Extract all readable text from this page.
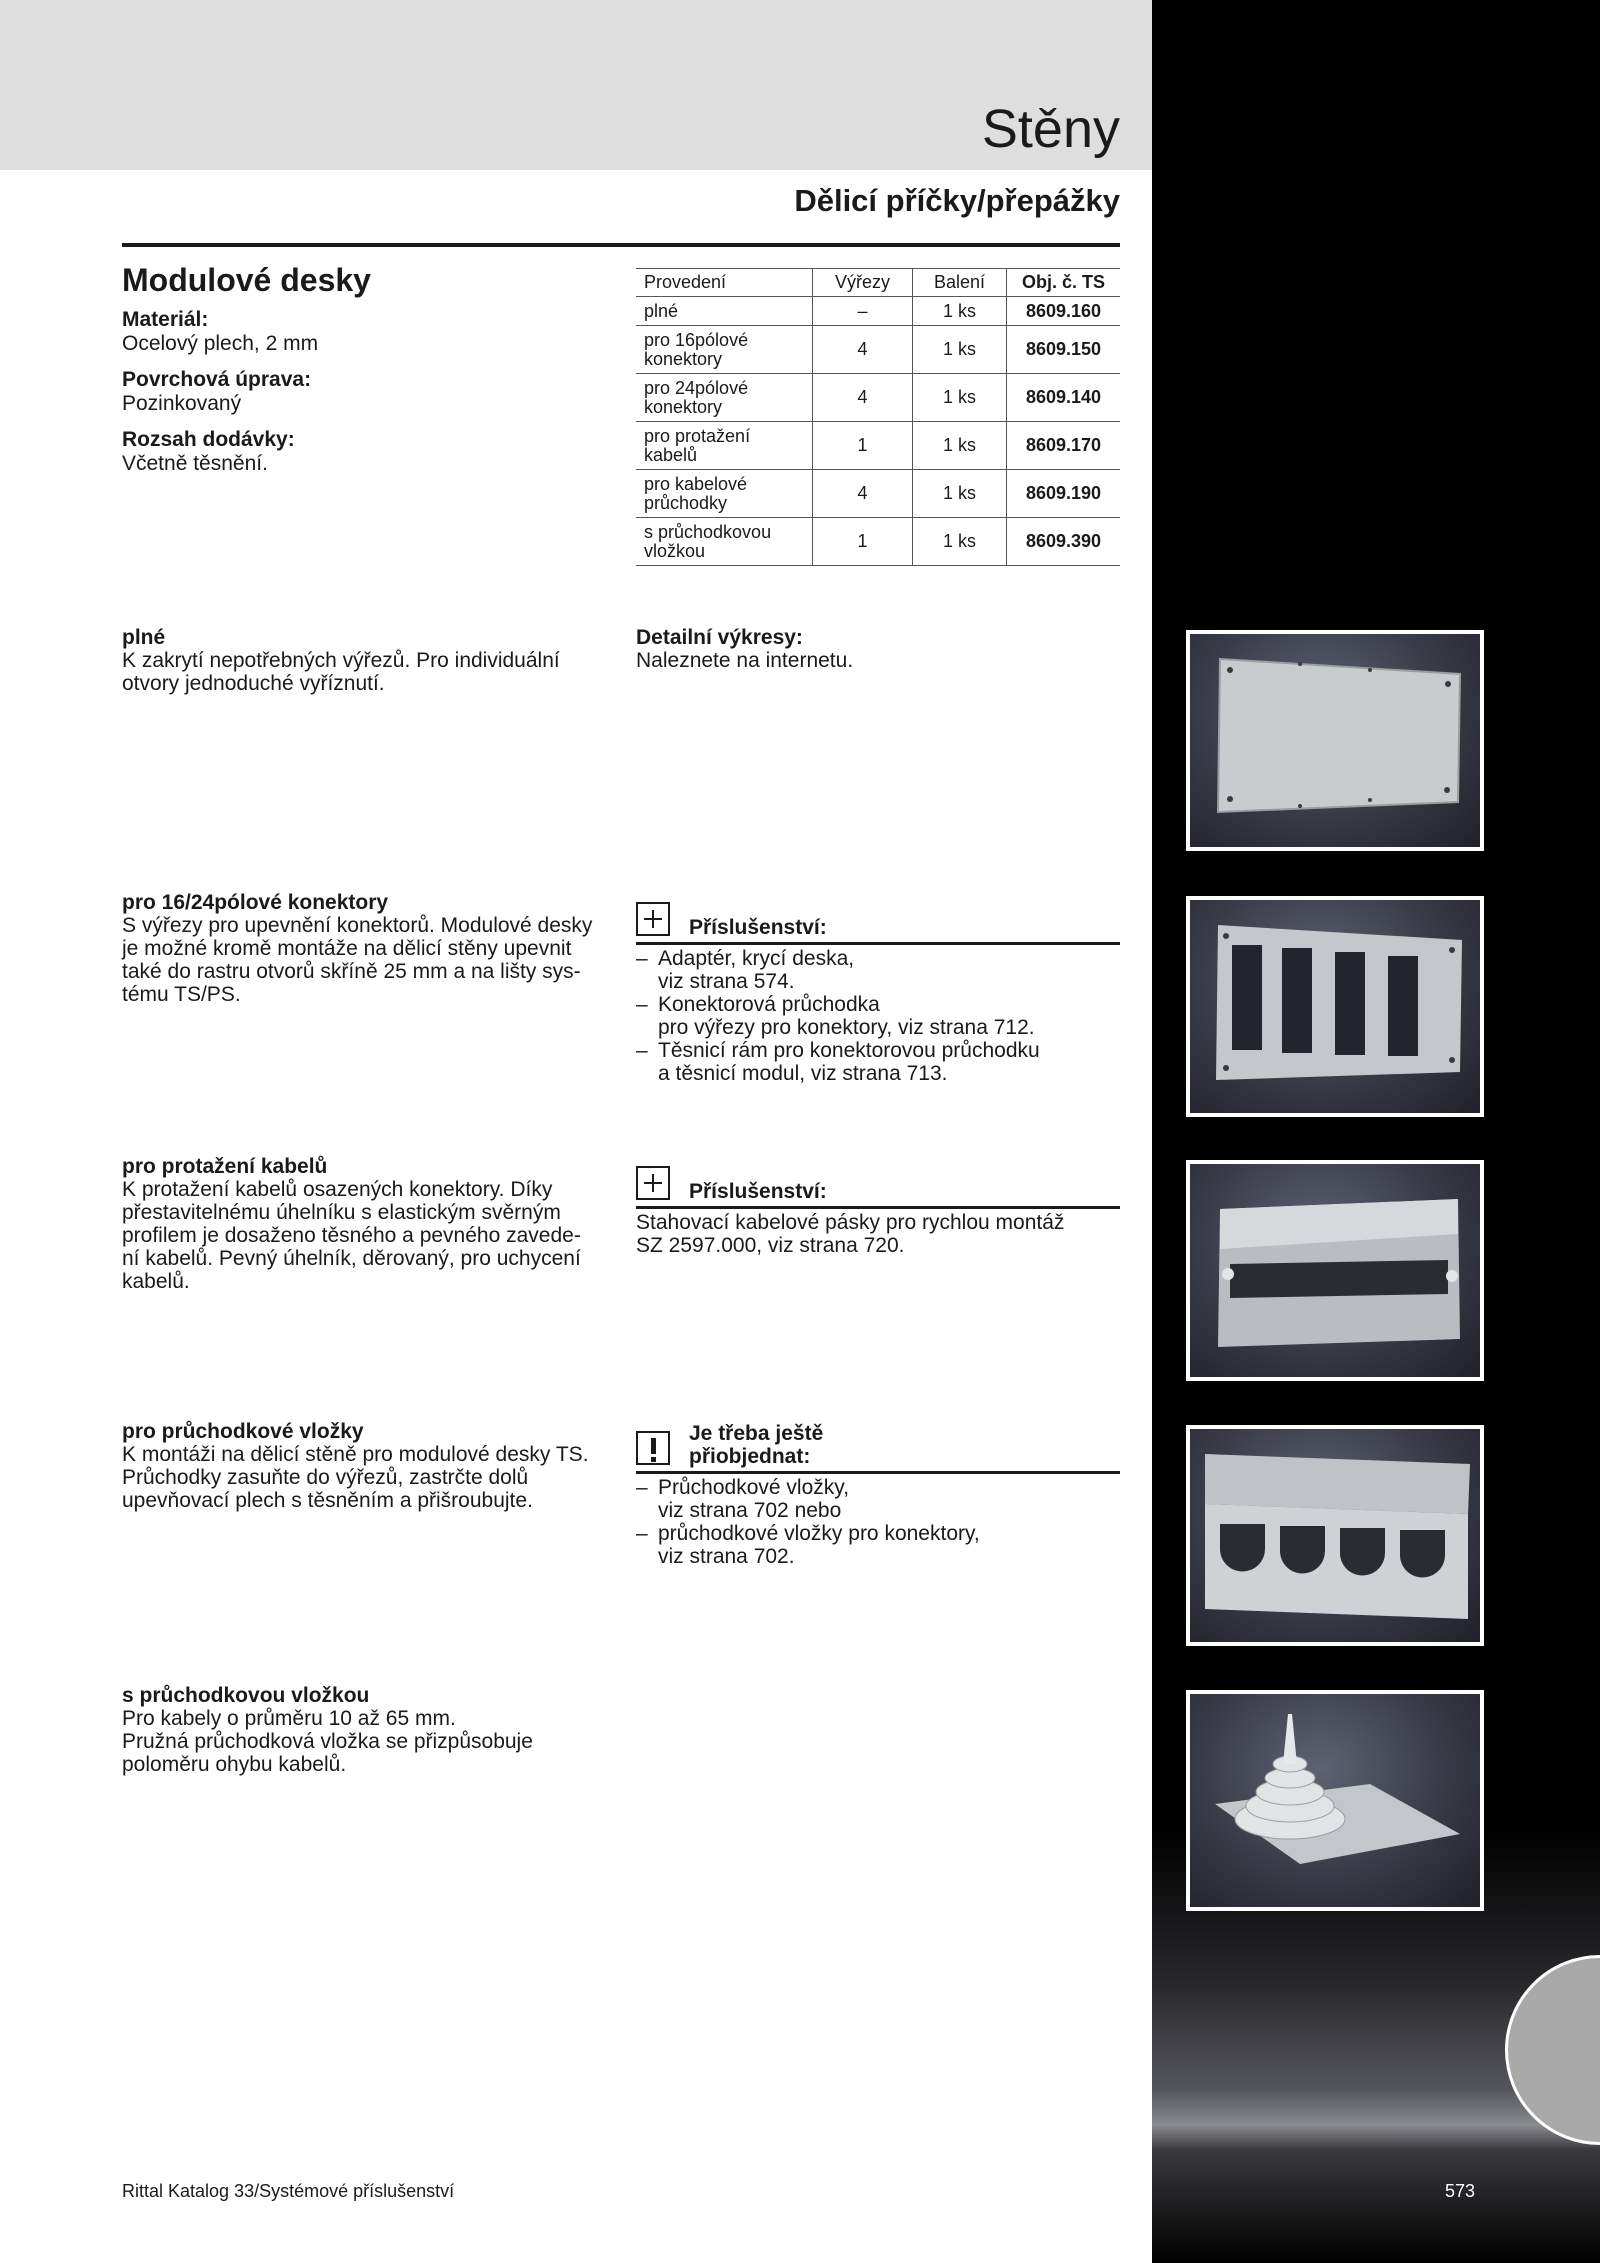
Stěny
Dělicí příčky/přepážky
Modulové desky
Materiál:
Ocelový plech, 2 mm
Povrchová úprava:
Pozinkovaný
Rozsah dodávky:
Včetně těsnění.
Provedení	Výřezy	Balení	Obj. č. TS
plné	–	1 ks	8609.160
pro 16pólové
konektory	4	1 ks	8609.150
pro 24pólové
konektory	4	1 ks	8609.140
pro protažení
kabelů	1	1 ks	8609.170
pro kabelové
průchodky	4	1 ks	8609.190
s průchodkovou
vložkou	1	1 ks	8609.390
plné
K zakrytí nepotřebných výřezů. Pro individuální
otvory jednoduché vyříznutí.
Detailní výkresy:
Naleznete na internetu.
pro 16/24pólové konektory
S výřezy pro upevnění konektorů. Modulové desky
je možné kromě montáže na dělicí stěny upevnit
také do rastru otvorů skříně 25 mm a na lišty sys-
tému TS/PS.
Příslušenství:
– Adaptér, krycí deska,
viz strana 574.
– Konektorová průchodka
pro výřezy pro konektory, viz strana 712.
– Těsnicí rám pro konektorovou průchodku
a těsnicí modul, viz strana 713.
pro protažení kabelů
K protažení kabelů osazených konektory. Díky
přestavitelnému úhelníku s elastickým svěrným
profilem je dosaženo těsného a pevného zavede-
ní kabelů. Pevný úhelník, děrovaný, pro uchycení
kabelů.
Příslušenství:
Stahovací kabelové pásky pro rychlou montáž
SZ 2597.000, viz strana 720.
pro průchodkové vložky
K montáži na dělicí stěně pro modulové desky TS.
Průchodky zasuňte do výřezů, zastrčte dolů
upevňovací plech s těsněním a přišroubujte.
Je třeba ještě
přiobjednat:
– Průchodkové vložky,
viz strana 702 nebo
– průchodkové vložky pro konektory,
viz strana 702.
s průchodkovou vložkou
Pro kabely o průměru 10 až 65 mm.
Pružná průchodková vložka se přizpůsobuje
poloměru ohybu kabelů.
Rittal Katalog 33/Systémové příslušenství	573
